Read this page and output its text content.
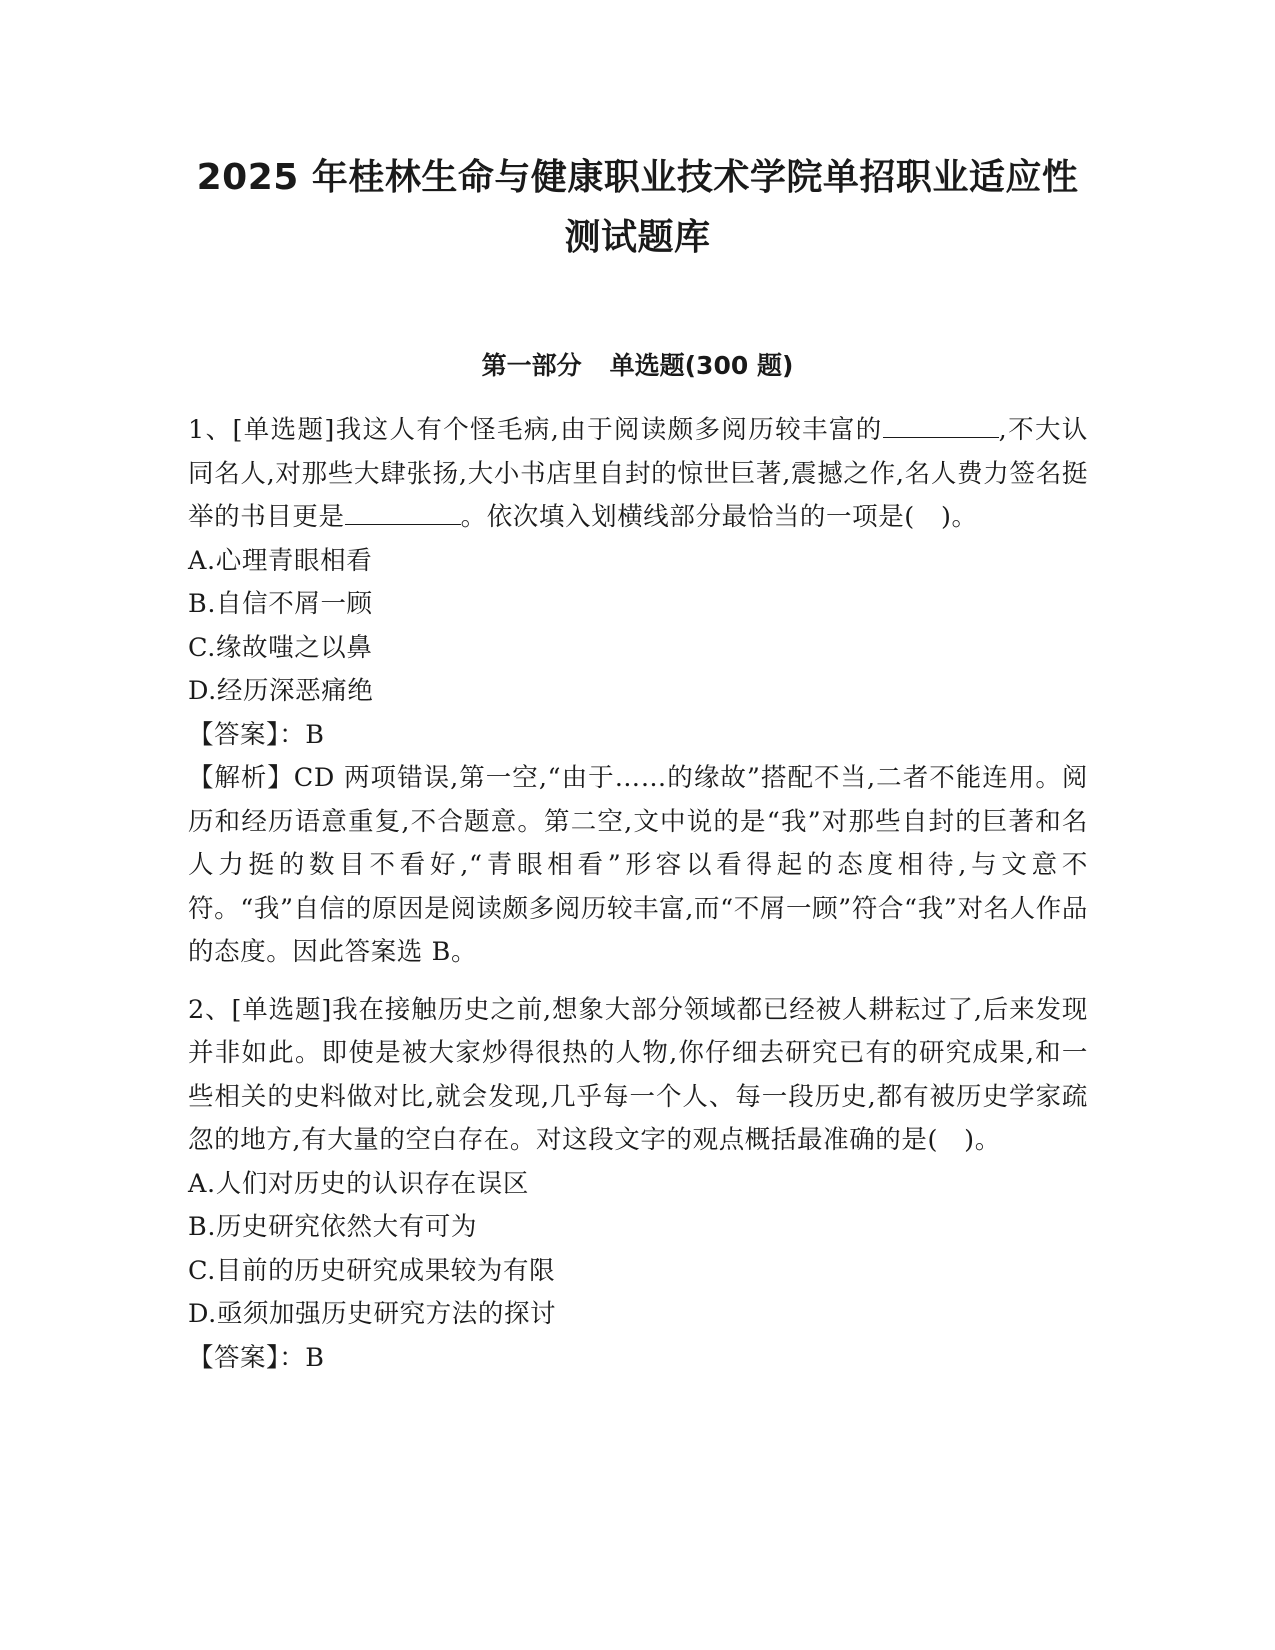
2025 年桂林生命与健康职业技术学院单招职业适应性
测试题库
第一部分 单选题(300 题)

1、[单选题]我这人有个怪毛病,由于阅读颇多阅历较丰富的	,不大认同名人,对那些大肆张扬,大小书店里自封的惊世巨著,震撼之作,名人费力签名挺举的书目更是	。依次填入划横线部分最恰当的一项是(　)。

A.心理青眼相看

B.自信不屑一顾

C.缘故嗤之以鼻

D.经历深恶痛绝

【答案】：B

【解析】CD 两项错误,第一空,“由于……的缘故”搭配不当,二者不能连用。阅历和经历语意重复,不合题意。第二空,文中说的是“我”对那些自封的巨著和名人力挺的数目不看好,“青眼相看”形容以看得起的态度相待,与文意不符。“我”自信的原因是阅读颇多阅历较丰富,而“不屑一顾”符合“我”对名人作品的态度。因此答案选 B。

2、[单选题]我在接触历史之前,想象大部分领域都已经被人耕耘过了,后来发现并非如此。即使是被大家炒得很热的人物,你仔细去研究已有的研究成果,和一些相关的史料做对比,就会发现,几乎每一个人、每一段历史,都有被历史学家疏忽的地方,有大量的空白存在。对这段文字的观点概括最准确的是(　)。

A.人们对历史的认识存在误区

B.历史研究依然大有可为

C.目前的历史研究成果较为有限

D.亟须加强历史研究方法的探讨

【答案】：B
